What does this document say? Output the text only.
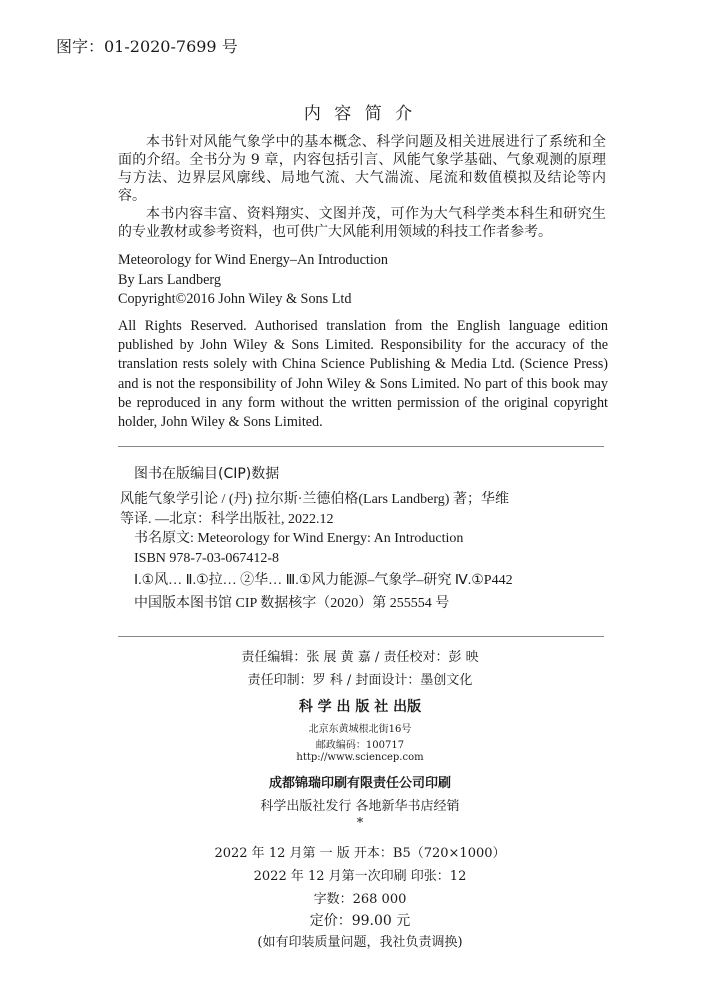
图字：01-2020-7699 号
内 容 简 介

本书针对风能气象学中的基本概念、科学问题及相关进展进行了系统和全面的介绍。全书分为 9 章，内容包括引言、风能气象学基础、气象观测的原理与方法、边界层风廓线、局地气流、大气湍流、尾流和数值模拟及结论等内容。

本书内容丰富、资料翔实、文图并茂，可作为大气科学类本科生和研究生的专业教材或参考资料，也可供广大风能利用领域的科技工作者参考。

Meteorology for Wind Energy–An Introduction
By Lars Landberg
Copyright©2016 John Wiley & Sons Ltd
All Rights Reserved. Authorised translation from the English language edition published by John Wiley & Sons Limited. Responsibility for the accuracy of the translation rests solely with China Science Publishing & Media Ltd. (Science Press) and is not the responsibility of John Wiley & Sons Limited. No part of this book may be reproduced in any form without the written permission of the original copyright holder, John Wiley & Sons Limited.
图书在版编目(CIP)数据
风能气象学引论 / (丹) 拉尔斯·兰德伯格(Lars Landberg) 著；华维
等译. —北京：科学出版社, 2022.12
书名原文: Meteorology for Wind Energy: An Introduction
ISBN 978-7-03-067412-8
Ⅰ.①风… Ⅱ.①拉… ②华… Ⅲ.①风力能源–气象学–研究 Ⅳ.①P442
中国版本图书馆 CIP 数据核字（2020）第 255554 号
责任编辑：张 展 黄 嘉 / 责任校对：彭 映
责任印制：罗 科 / 封面设计：墨创文化
科 学 出 版 社 出版
北京东黄城根北街16号
邮政编码：100717
http://www.sciencep.com
成都锦瑞印刷有限责任公司印刷
科学出版社发行 各地新华书店经销
*
2022 年 12 月第 一 版 开本：B5（720×1000）
2022 年 12 月第一次印刷 印张：12
字数：268 000
定价：99.00 元
(如有印装质量问题，我社负责调换)
